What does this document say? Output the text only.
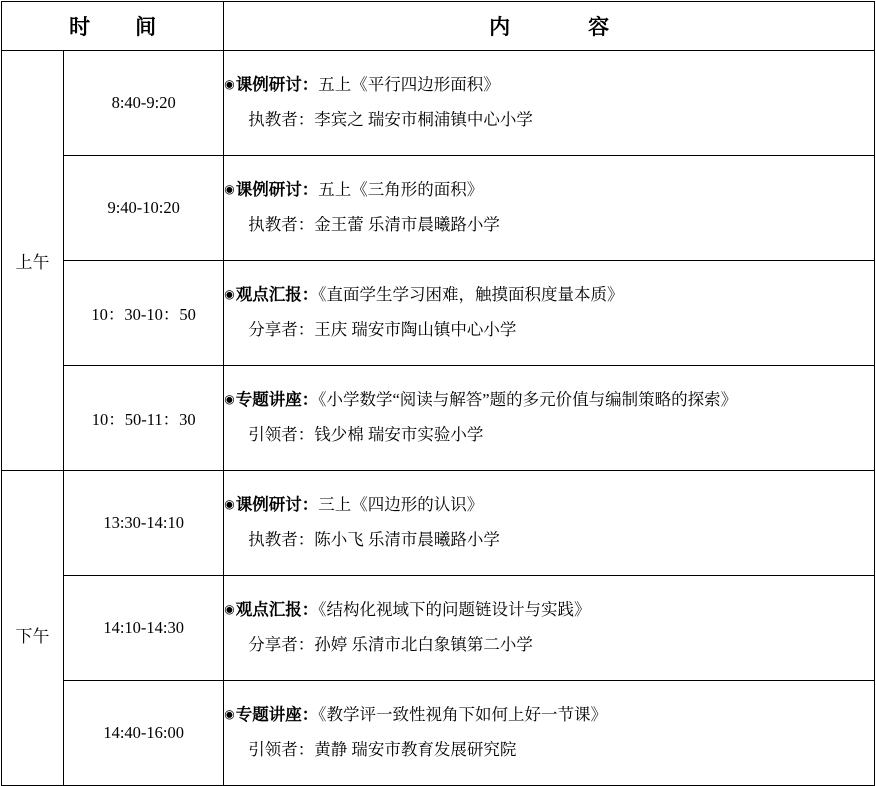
时　间		内　　容
上午	8:40-9:20	◉课例研讨：五上《平行四边形面积》
执教者：李宾之 瑞安市桐浦镇中心小学

	9:40-10:20	◉课例研讨：五上《三角形的面积》
执教者：金王蕾 乐清市晨曦路小学

	10：30-10：50	◉观点汇报：《直面学生学习困难，触摸面积度量本质》
分享者：王庆 瑞安市陶山镇中心小学

	10：50-11：30	◉专题讲座：《小学数学“阅读与解答”题的多元价值与编制策略的探索》
引领者：钱少棉 瑞安市实验小学

下午	13:30-14:10	◉课例研讨：三上《四边形的认识》
执教者：陈小飞 乐清市晨曦路小学

	14:10-14:30	◉观点汇报：《结构化视域下的问题链设计与实践》
分享者：孙婷 乐清市北白象镇第二小学

	14:40-16:00	◉专题讲座：《教学评一致性视角下如何上好一节课》
引领者：黄静 瑞安市教育发展研究院
